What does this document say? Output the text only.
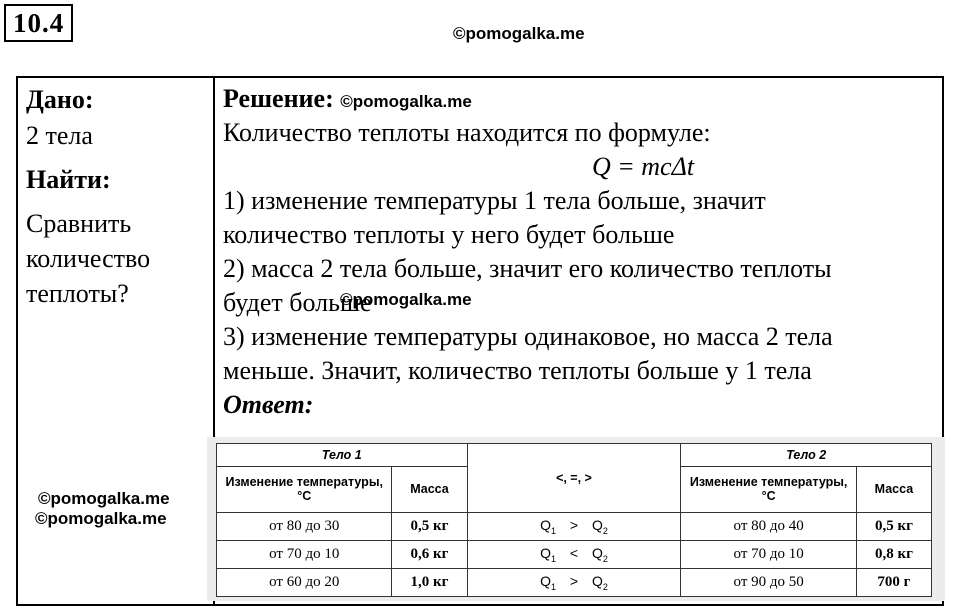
10.4	©pomogalka.me
Дано:
2 тела
Найти:
Сравнить
количество
теплоты?
Решение: ©pomogalka.me
Количество теплоты находится по формуле:
Q = mcΔt
1) изменение температуры 1 тела больше, значит
количество теплоты у него будет больше
2) масса 2 тела больше, значит его количество теплоты
будет больше
3) изменение температуры одинаковое, но масса 2 тела
меньше. Значит, количество теплоты больше у 1 тела
Ответ:
©pomogalka.me
©pomogalka.me
©pomogalka.me
Тело 1		<, =, >	Тело 2	
Изменение температуры, °С	Масса		Изменение температуры, °С	Масса
от 80 до 30	0,5 кг	$Q_1 > Q_2$	от 80 до 40	0,5 кг
от 70 до 10	0,6 кг	$Q_1 < Q_2$	от 70 до 10	0,8 кг
от 60 до 20	1,0 кг	$Q_1 > Q_2$	от 90 до 50	700 г
